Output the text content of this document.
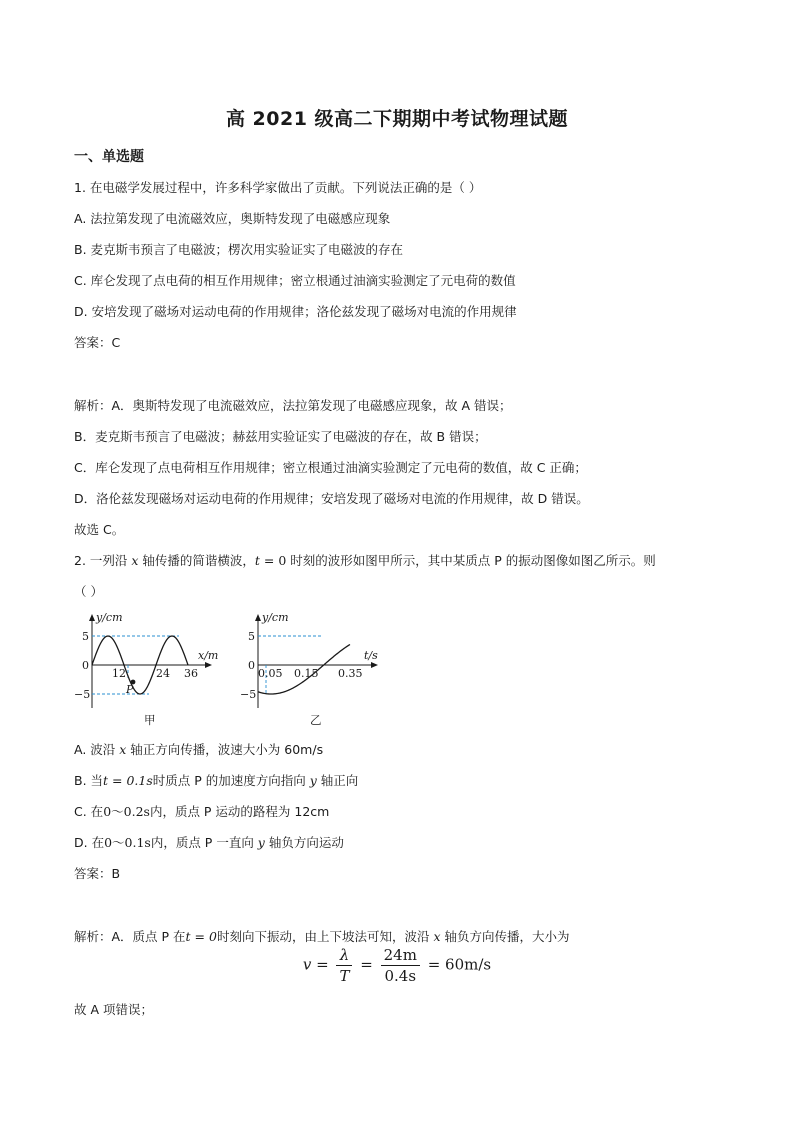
高 2021 级高二下期期中考试物理试题
一、单选题
1. 在电磁学发展过程中，许多科学家做出了贡献。下列说法正确的是（ ）
A. 法拉第发现了电流磁效应，奥斯特发现了电磁感应现象
B. 麦克斯韦预言了电磁波；楞次用实验证实了电磁波的存在
C. 库仑发现了点电荷的相互作用规律；密立根通过油滴实验测定了元电荷的数值
D. 安培发现了磁场对运动电荷的作用规律；洛伦兹发现了磁场对电流的作用规律
答案：C
解析：A．奥斯特发现了电流磁效应，法拉第发现了电磁感应现象，故 A 错误；
B．麦克斯韦预言了电磁波；赫兹用实验证实了电磁波的存在，故 B 错误；
C．库仑发现了点电荷相互作用规律；密立根通过油滴实验测定了元电荷的数值，故 C 正确；
D．洛伦兹发现磁场对运动电荷的作用规律；安培发现了磁场对电流的作用规律，故 D 错误。
故选 C。
2. 一列沿 x 轴传播的简谐横波，t = 0 时刻的波形如图甲所示，其中某质点 P 的振动图像如图乙所示。则
（ ）
P
y/cm
x/m
5
0
−5
12	24 36
甲
y/cm
t/s
5
0
−5
0.05 0.15 0.35
乙
A. 波沿 x 轴正方向传播，波速大小为 60m/s
B. 当t = 0.1s时质点 P 的加速度方向指向 y 轴正向
C. 在0～0.2s内，质点 P 运动的路程为 12cm
D. 在0～0.1s内，质点 P 一直向 y 轴负方向运动
答案：B
解析：A．质点 P 在t = 0时刻向下振动，由上下坡法可知，波沿 x 轴负方向传播，大小为
$v = \frac{\lambda}{T} = \frac{24m}{0.4s} = 60m/s$
故 A 项错误；
